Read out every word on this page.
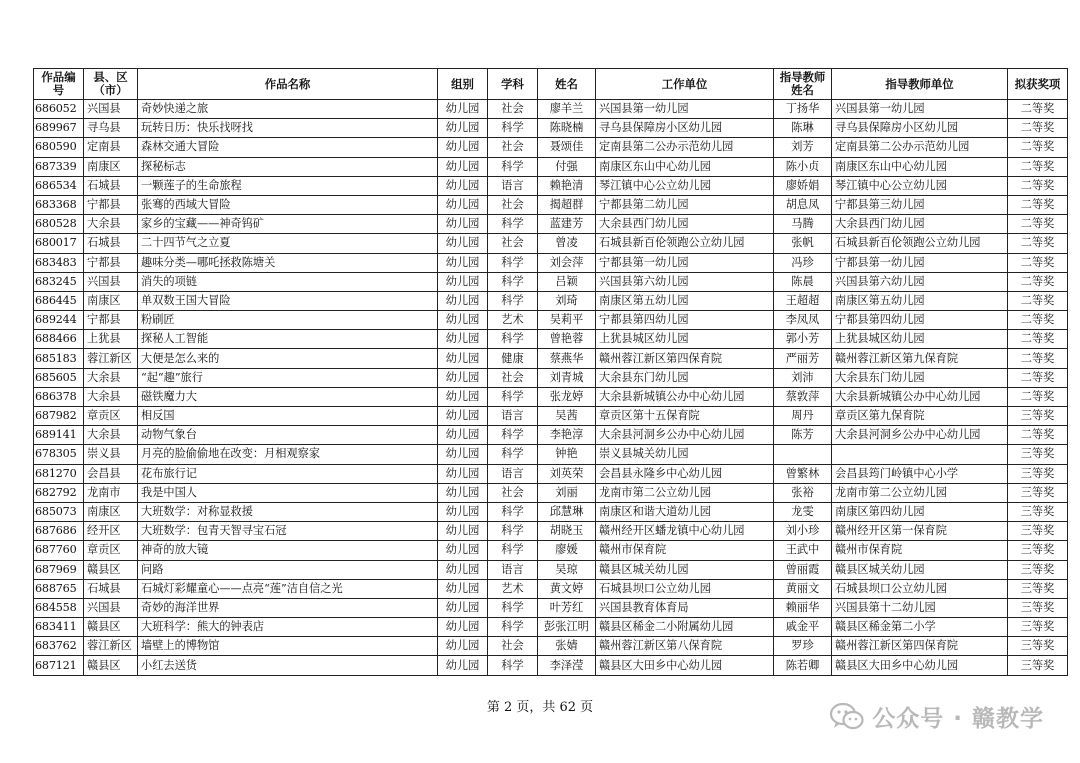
作品编号	县、区（市）	作品名称	组别	学科	姓名	工作单位	指导教师姓名	指导教师单位	拟获奖项
686052	兴国县	奇妙快递之旅	幼儿园	社会	廖羊兰	兴国县第一幼儿园	丁扬华	兴国县第一幼儿园	二等奖
689967	寻乌县	玩转日历：快乐找呀找	幼儿园	科学	陈晓楠	寻乌县保障房小区幼儿园	陈琳	寻乌县保障房小区幼儿园	二等奖
680590	定南县	森林交通大冒险	幼儿园	社会	聂颂佳	定南县第二公办示范幼儿园	刘芳	定南县第二公办示范幼儿园	二等奖
687339	南康区	探秘标志	幼儿园	科学	付强	南康区东山中心幼儿园	陈小贞	南康区东山中心幼儿园	二等奖
686534	石城县	一颗莲子的生命旅程	幼儿园	语言	赖艳清	琴江镇中心公立幼儿园	廖娇娟	琴江镇中心公立幼儿园	二等奖
683368	宁都县	张骞的西域大冒险	幼儿园	社会	揭超群	宁都县第二幼儿园	胡息凤	宁都县第三幼儿园	二等奖
680528	大余县	家乡的宝藏——神奇钨矿	幼儿园	科学	蓝建芳	大余县西门幼儿园	马腾	大余县西门幼儿园	二等奖
680017	石城县	二十四节气之立夏	幼儿园	社会	曾凌	石城县新百伦领跑公立幼儿园	张帆	石城县新百伦领跑公立幼儿园	二等奖
683483	宁都县	趣味分类—哪吒拯救陈塘关	幼儿园	科学	刘会萍	宁都县第一幼儿园	冯珍	宁都县第一幼儿园	二等奖
683245	兴国县	消失的项链	幼儿园	科学	吕颖	兴国县第六幼儿园	陈晨	兴国县第六幼儿园	二等奖
686445	南康区	单双数王国大冒险	幼儿园	科学	刘琦	南康区第五幼儿园	王超超	南康区第五幼儿园	二等奖
689244	宁都县	粉刷匠	幼儿园	艺术	吴莉平	宁都县第四幼儿园	李凤凤	宁都县第四幼儿园	二等奖
688466	上犹县	探秘人工智能	幼儿园	科学	曾艳蓉	上犹县城区幼儿园	郭小芳	上犹县城区幼儿园	二等奖
685183	蓉江新区	大便是怎么来的	幼儿园	健康	蔡燕华	赣州蓉江新区第四保育院	严丽芳	赣州蓉江新区第九保育院	二等奖
685605	大余县	“起“趣”旅行	幼儿园	社会	刘青城	大余县东门幼儿园	刘沛	大余县东门幼儿园	二等奖
686378	大余县	磁铁魔力大	幼儿园	科学	张龙婷	大余县新城镇公办中心幼儿园	蔡敦萍	大余县新城镇公办中心幼儿园	二等奖
687982	章贡区	相反国	幼儿园	语言	吴茜	章贡区第十五保育院	周丹	章贡区第九保育院	三等奖
689141	大余县	动物气象台	幼儿园	科学	李艳淳	大余县河洞乡公办中心幼儿园	陈芳	大余县河洞乡公办中心幼儿园	二等奖
678305	崇义县	月亮的脸偷偷地在改变：月相观察家	幼儿园	科学	钟艳	崇义县城关幼儿园			三等奖
681270	会昌县	花布旅行记	幼儿园	语言	刘英荣	会昌县永隆乡中心幼儿园	曾繁林	会昌县筠门岭镇中心小学	三等奖
682792	龙南市	我是中国人	幼儿园	社会	刘丽	龙南市第二公立幼儿园	张裕	龙南市第二公立幼儿园	三等奖
685073	南康区	大班数学：对称显救援	幼儿园	科学	邱慧琳	南康区和谐大道幼儿园	龙雯	南康区第四幼儿园	三等奖
687686	经开区	大班数学：包青天智寻宝石冠	幼儿园	科学	胡晓玉	赣州经开区蟠龙镇中心幼儿园	刘小珍	赣州经开区第一保育院	三等奖
687760	章贡区	神奇的放大镜	幼儿园	科学	廖媛	赣州市保育院	王武中	赣州市保育院	三等奖
687969	赣县区	问路	幼儿园	语言	吴琼	赣县区城关幼儿园	曾丽霞	赣县区城关幼儿园	三等奖
688765	石城县	石城灯彩耀童心——点亮“莲”洁自信之光	幼儿园	艺术	黄文婷	石城县坝口公立幼儿园	黄丽文	石城县坝口公立幼儿园	三等奖
684558	兴国县	奇妙的海洋世界	幼儿园	科学	叶芳红	兴国县教育体育局	赖丽华	兴国县第十二幼儿园	三等奖
683411	赣县区	大班科学：熊大的钟表店	幼儿园	科学	彭张江明	赣县区稀金二小附属幼儿园	戚金平	赣县区稀金第二小学	三等奖
683762	蓉江新区	墙壁上的博物馆	幼儿园	社会	张婧	赣州蓉江新区第八保育院	罗珍	赣州蓉江新区第四保育院	三等奖
687121	赣县区	小红去送货	幼儿园	科学	李泽滢	赣县区大田乡中心幼儿园	陈若卿	赣县区大田乡中心幼儿园	三等奖
第 2 页，共 62 页	公众号 · 赣教学
